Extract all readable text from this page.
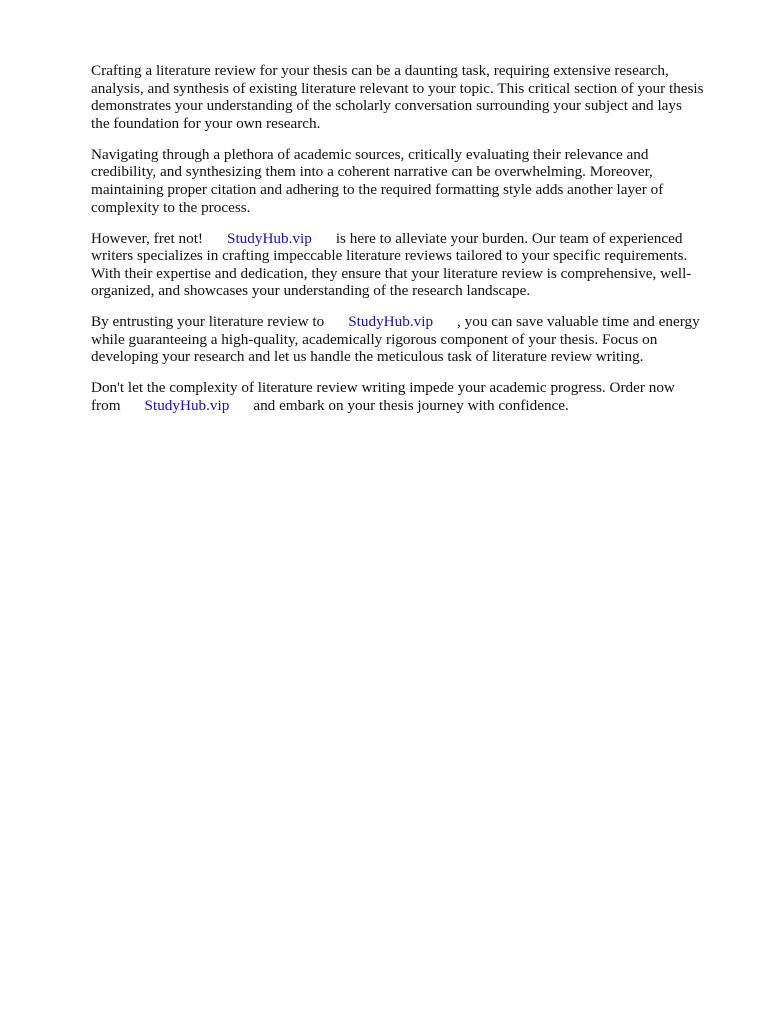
Crafting a literature review for your thesis can be a daunting task, requiring extensive research,
analysis, and synthesis of existing literature relevant to your topic. This critical section of your thesis
demonstrates your understanding of the scholarly conversation surrounding your subject and lays
the foundation for your own research.

Navigating through a plethora of academic sources, critically evaluating their relevance and
credibility, and synthesizing them into a coherent narrative can be overwhelming. Moreover,
maintaining proper citation and adhering to the required formatting style adds another layer of
complexity to the process.

However, fret not! StudyHub.vip is here to alleviate your burden. Our team of experienced
writers specializes in crafting impeccable literature reviews tailored to your specific requirements.
With their expertise and dedication, they ensure that your literature review is comprehensive, well-
organized, and showcases your understanding of the research landscape.

By entrusting your literature review to StudyHub.vip , you can save valuable time and energy
while guaranteeing a high-quality, academically rigorous component of your thesis. Focus on
developing your research and let us handle the meticulous task of literature review writing.

Don't let the complexity of literature review writing impede your academic progress. Order now
from StudyHub.vip and embark on your thesis journey with confidence.
